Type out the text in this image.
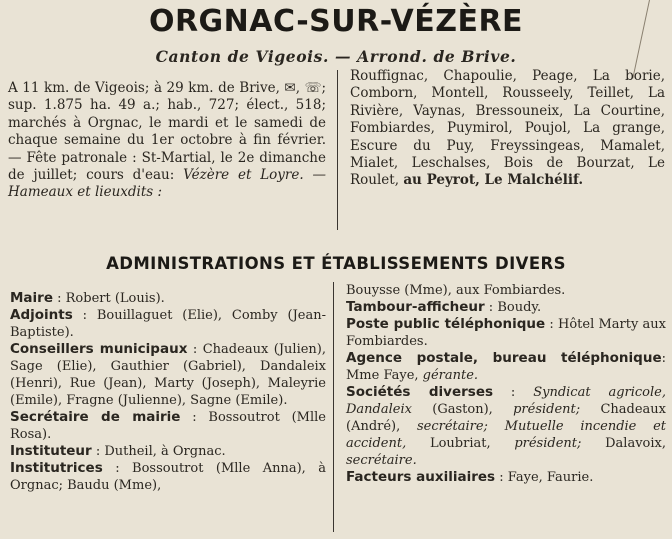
ORGNAC-SUR-VÉZÈRE
Canton de Vigeois. — Arrond. de Brive.

A 11 km. de Vigeois; à 29 km. de Brive, ✉, ☏; sup. 1.875 ha. 49 a.; hab., 727; élect., 518; marchés à Orgnac, le mardi et le samedi de chaque semaine du 1er octobre à fin février. — Fête patronale : St-Martial, le 2e dimanche de juillet; cours d'eau: Vézère et Loyre. — Hameaux et lieuxdits :

Rouffignac, Chapoulie, Peage, La borie, Comborn, Montell, Rousseely, Teillet, La Rivière, Vaynas, Bressouneix, La Courtine, Fombiardes, Puymirol, Poujol, La grange, Escure du Puy, Freyssingeas, Mamalet, Mialet, Leschalses, Bois de Bourzat, Le Roulet, au Peyrot, Le Malchélif.

ADMINISTRATIONS ET ÉTABLISSEMENTS DIVERS

Maire : Robert (Louis).

Adjoints : Bouillaguet (Elie), Comby (Jean-Baptiste).

Conseillers municipaux : Chadeaux (Julien), Sage (Elie), Gauthier (Gabriel), Dandaleix (Henri), Rue (Jean), Marty (Joseph), Maleyrie (Emile), Fragne (Julienne), Sagne (Emile).

Secrétaire de mairie : Bossoutrot (Mlle Rosa).

Instituteur : Dutheil, à Orgnac.

Institutrices : Bossoutrot (Mlle Anna), à Orgnac; Baudu (Mme),

Bouysse (Mme), aux Fombiardes.

Tambour-afficheur : Boudy.

Poste public téléphonique : Hôtel Marty aux Fombiardes.

Agence postale, bureau téléphonique: Mme Faye, gérante.

Sociétés diverses : Syndicat agricole, Dandaleix (Gaston), président; Chadeaux (André), secrétaire; Mutuelle incendie et accident, Loubriat, président; Dalavoix, secrétaire.

Facteurs auxiliaires : Faye, Faurie.
